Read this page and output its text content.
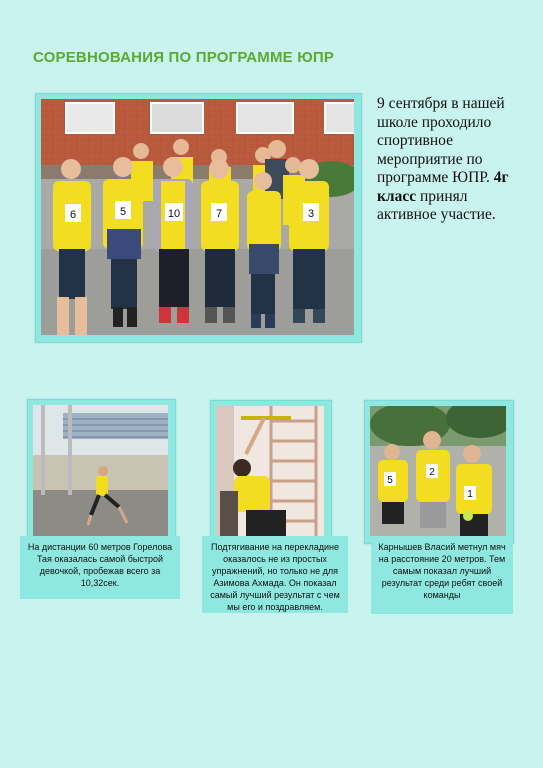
СОРЕВНОВАНИЯ ПО ПРОГРАММЕ ЮПР
6	5	10	7	3
9 сентября в нашей школе проходило спортивное мероприятие по программе ЮПР. 4г класс принял активное участие.
На дистанции 60 метров Горелова Тая оказалась самой быстрой девочкой, пробежав всего за 10,32сек.
Подтягивание на перекладине оказалось не из простых упражнений, но только не для Азимова Ахмада. Он показал самый лучший результат с чем мы его и поздравляем.
5
2
1
Карнышев Власий метнул мяч на расстояние 20 метров. Тем самым показал лучший результат среди ребят своей команды
